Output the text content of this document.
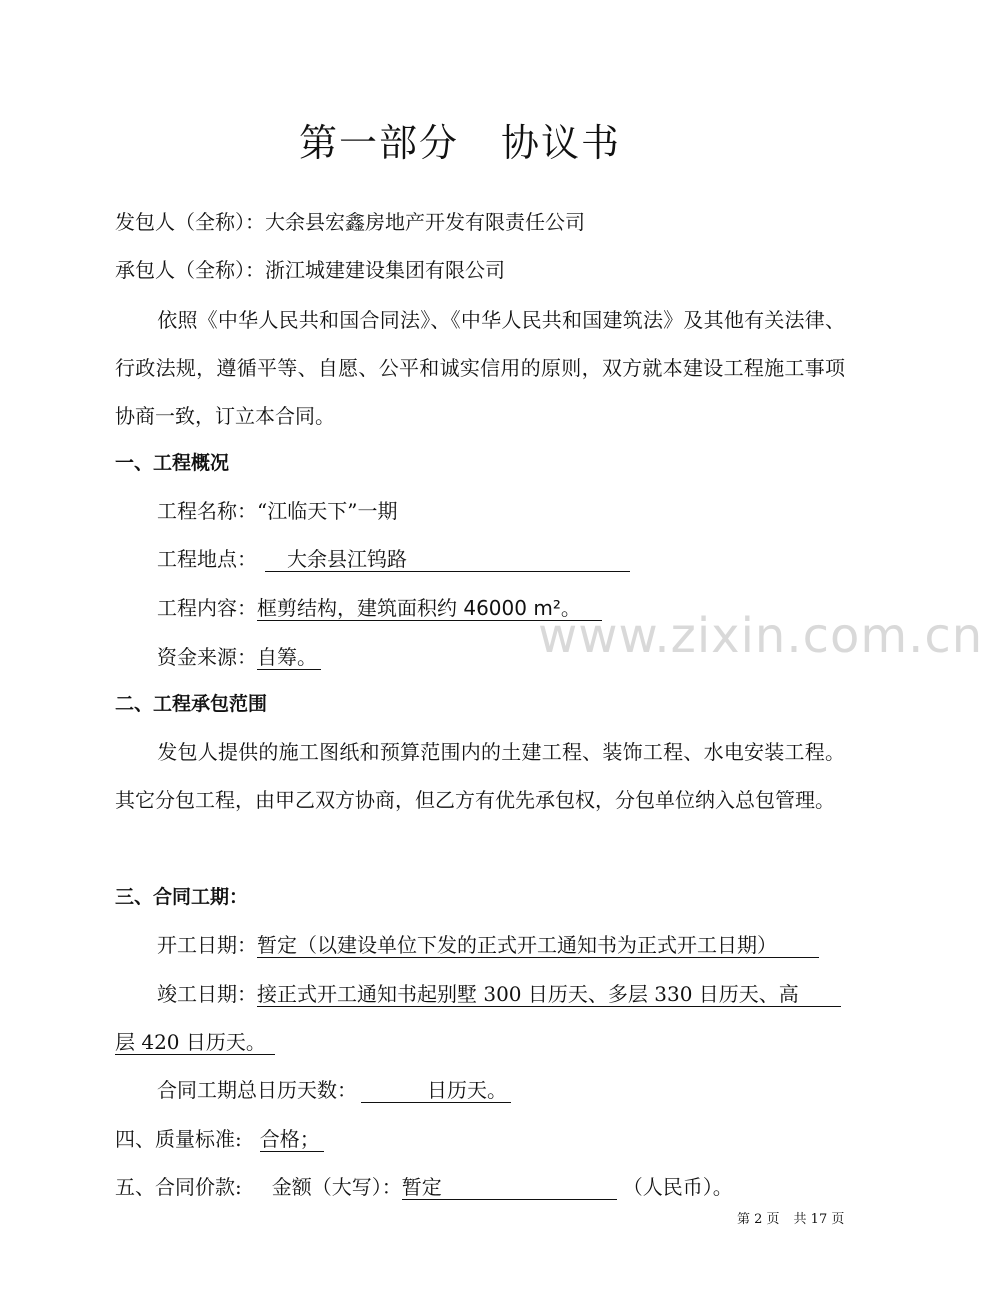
第一部分 协议书
发包人（全称）：大余县宏鑫房地产开发有限责任公司
承包人（全称）：浙江城建建设集团有限公司
依照《中华人民共和国合同法》、《中华人民共和国建筑法》及其他有关法律、行政法规，遵循平等、自愿、公平和诚实信用的原则，双方就本建设工程施工事项协商一致，订立本合同。
一、工程概况
工程名称：“江临天下”一期
工程地点： 大余县江钨路
工程内容：框剪结构，建筑面积约 46000 m²。
资金来源：自筹。
二、工程承包范围
发包人提供的施工图纸和预算范围内的土建工程、装饰工程、水电安装工程。其它分包工程，由甲乙双方协商，但乙方有优先承包权，分包单位纳入总包管理。
三、合同工期：
开工日期：暂定（以建设单位下发的正式开工通知书为正式开工日期）
竣工日期：接正式开工通知书起别墅 300 日历天、多层 330 日历天、高
层 420 日历天。
合同工期总日历天数：	日历天。
四、质量标准: 合格；
五、合同价款: 金额（大写）：暂定	（人民币）。
www.zixin.com.cn
第 2 页 共 17 页
